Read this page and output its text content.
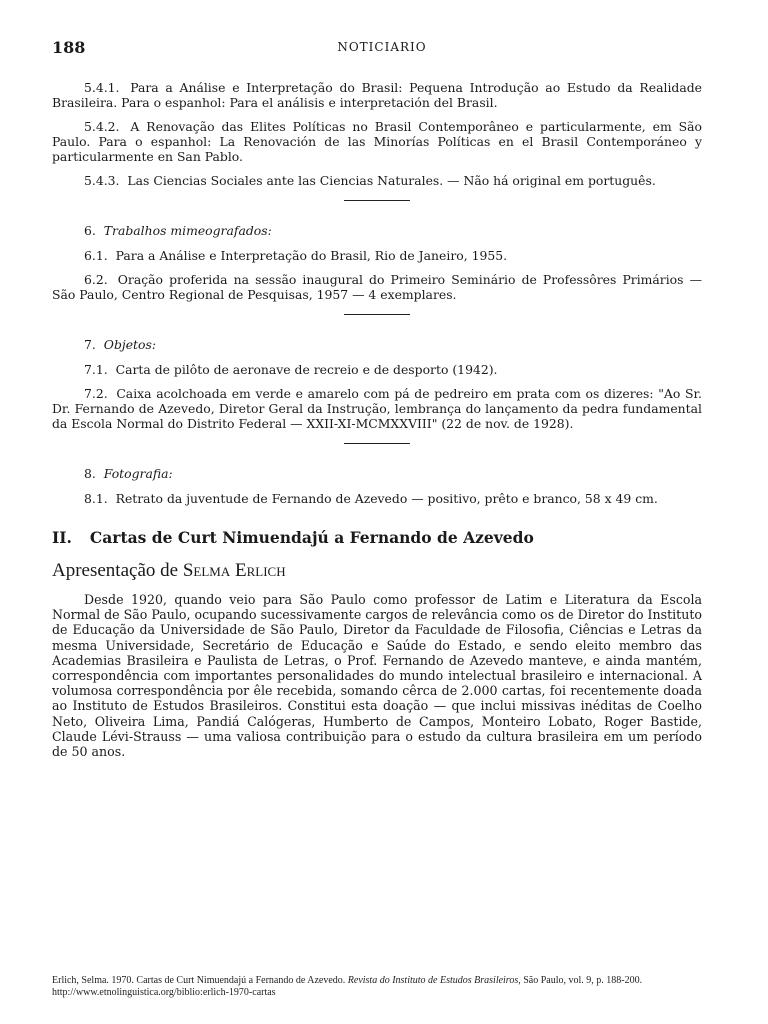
188	NOTICIARIO

5.4.1. Para a Análise e Interpretação do Brasil: Pequena Introdução ao Estudo da Realidade Brasileira. Para o espanhol: Para el análisis e interpretación del Brasil.

5.4.2. A Renovação das Elites Políticas no Brasil Contemporâneo e particularmente, em São Paulo. Para o espanhol: La Renovación de las Minorías Políticas en el Brasil Contemporáneo y particularmente en San Pablo.

5.4.3. Las Ciencias Sociales ante las Ciencias Naturales. — Não há original em português.

6. Trabalhos mimeografados:

6.1. Para a Análise e Interpretação do Brasil, Rio de Janeiro, 1955.

6.2. Oração proferida na sessão inaugural do Primeiro Seminário de Professôres Primários — São Paulo, Centro Regional de Pesquisas, 1957 — 4 exemplares.

7. Objetos:

7.1. Carta de pilôto de aeronave de recreio e de desporto (1942).

7.2. Caixa acolchoada em verde e amarelo com pá de pedreiro em prata com os dizeres: "Ao Sr. Dr. Fernando de Azevedo, Diretor Geral da Instrução, lembrança do lançamento da pedra fundamental da Escola Normal do Distrito Federal — XXII-XI-MCMXXVIII" (22 de nov. de 1928).

8. Fotografia:

8.1. Retrato da juventude de Fernando de Azevedo — positivo, prêto e branco, 58 x 49 cm.

II. Cartas de Curt Nimuendajú a Fernando de Azevedo
Apresentação de Selma Erlich

Desde 1920, quando veio para São Paulo como professor de Latim e Literatura da Escola Normal de São Paulo, ocupando sucessivamente cargos de relevância como os de Diretor do Instituto de Educação da Universidade de São Paulo, Diretor da Faculdade de Filosofia, Ciências e Letras da mesma Universidade, Secretário de Educação e Saúde do Estado, e sendo eleito membro das Academias Brasileira e Paulista de Letras, o Prof. Fernando de Azevedo manteve, e ainda mantém, correspondência com importantes personalidades do mundo intelectual brasileiro e internacional. A volumosa correspondência por êle recebida, somando cêrca de 2.000 cartas, foi recentemente doada ao Instituto de Estudos Brasileiros. Constitui esta doação — que inclui missivas inéditas de Coelho Neto, Oliveira Lima, Pandiá Calógeras, Humberto de Campos, Monteiro Lobato, Roger Bastide, Claude Lévi-Strauss — uma valiosa contribuição para o estudo da cultura brasileira em um período de 50 anos.

Erlich, Selma. 1970. Cartas de Curt Nimuendajú a Fernando de Azevedo. Revista do Instituto de Estudos Brasileiros, São Paulo, vol. 9, p. 188-200.
http://www.etnolinguistica.org/biblio:erlich-1970-cartas
